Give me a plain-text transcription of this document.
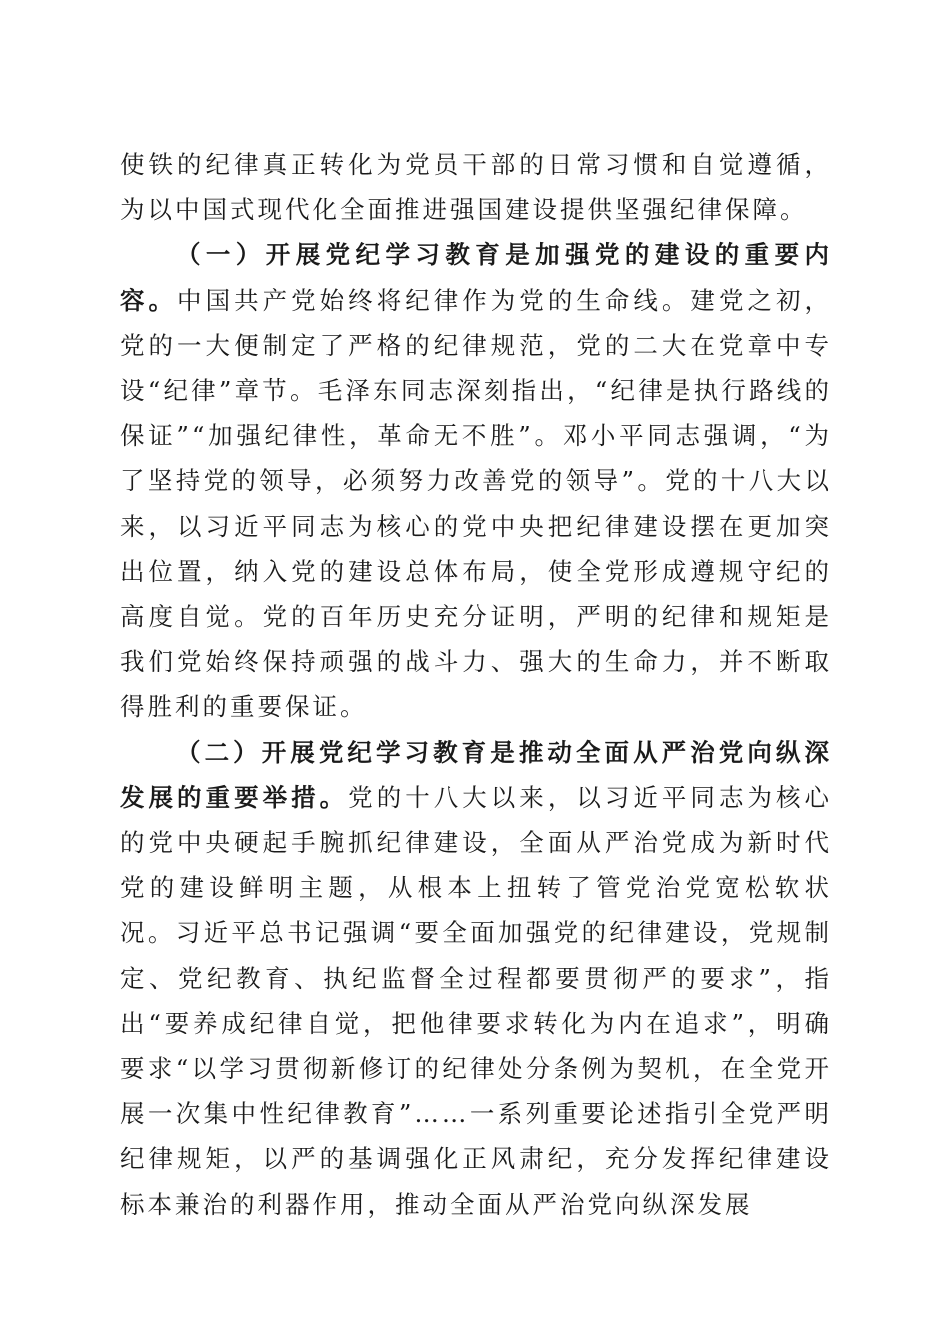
使铁的纪律真正转化为党员干部的日常习惯和自觉遵循，为以中国式现代化全面推进强国建设提供坚强纪律保障。

（一）开展党纪学习教育是加强党的建设的重要内容。中国共产党始终将纪律作为党的生命线。建党之初，党的一大便制定了严格的纪律规范，党的二大在党章中专设“纪律”章节。毛泽东同志深刻指出，“纪律是执行路线的保证”“加强纪律性，革命无不胜”。邓小平同志强调，“为了坚持党的领导，必须努力改善党的领导”。党的十八大以来，以习近平同志为核心的党中央把纪律建设摆在更加突出位置，纳入党的建设总体布局，使全党形成遵规守纪的高度自觉。党的百年历史充分证明，严明的纪律和规矩是我们党始终保持顽强的战斗力、强大的生命力，并不断取得胜利的重要保证。

（二）开展党纪学习教育是推动全面从严治党向纵深发展的重要举措。党的十八大以来，以习近平同志为核心的党中央硬起手腕抓纪律建设，全面从严治党成为新时代党的建设鲜明主题，从根本上扭转了管党治党宽松软状况。习近平总书记强调“要全面加强党的纪律建设，党规制定、党纪教育、执纪监督全过程都要贯彻严的要求”，指出“要养成纪律自觉，把他律要求转化为内在追求”，明确要求“以学习贯彻新修订的纪律处分条例为契机，在全党开展一次集中性纪律教育”……一系列重要论述指引全党严明纪律规矩，以严的基调强化正风肃纪，充分发挥纪律建设标本兼治的利器作用，推动全面从严治党向纵深发展
